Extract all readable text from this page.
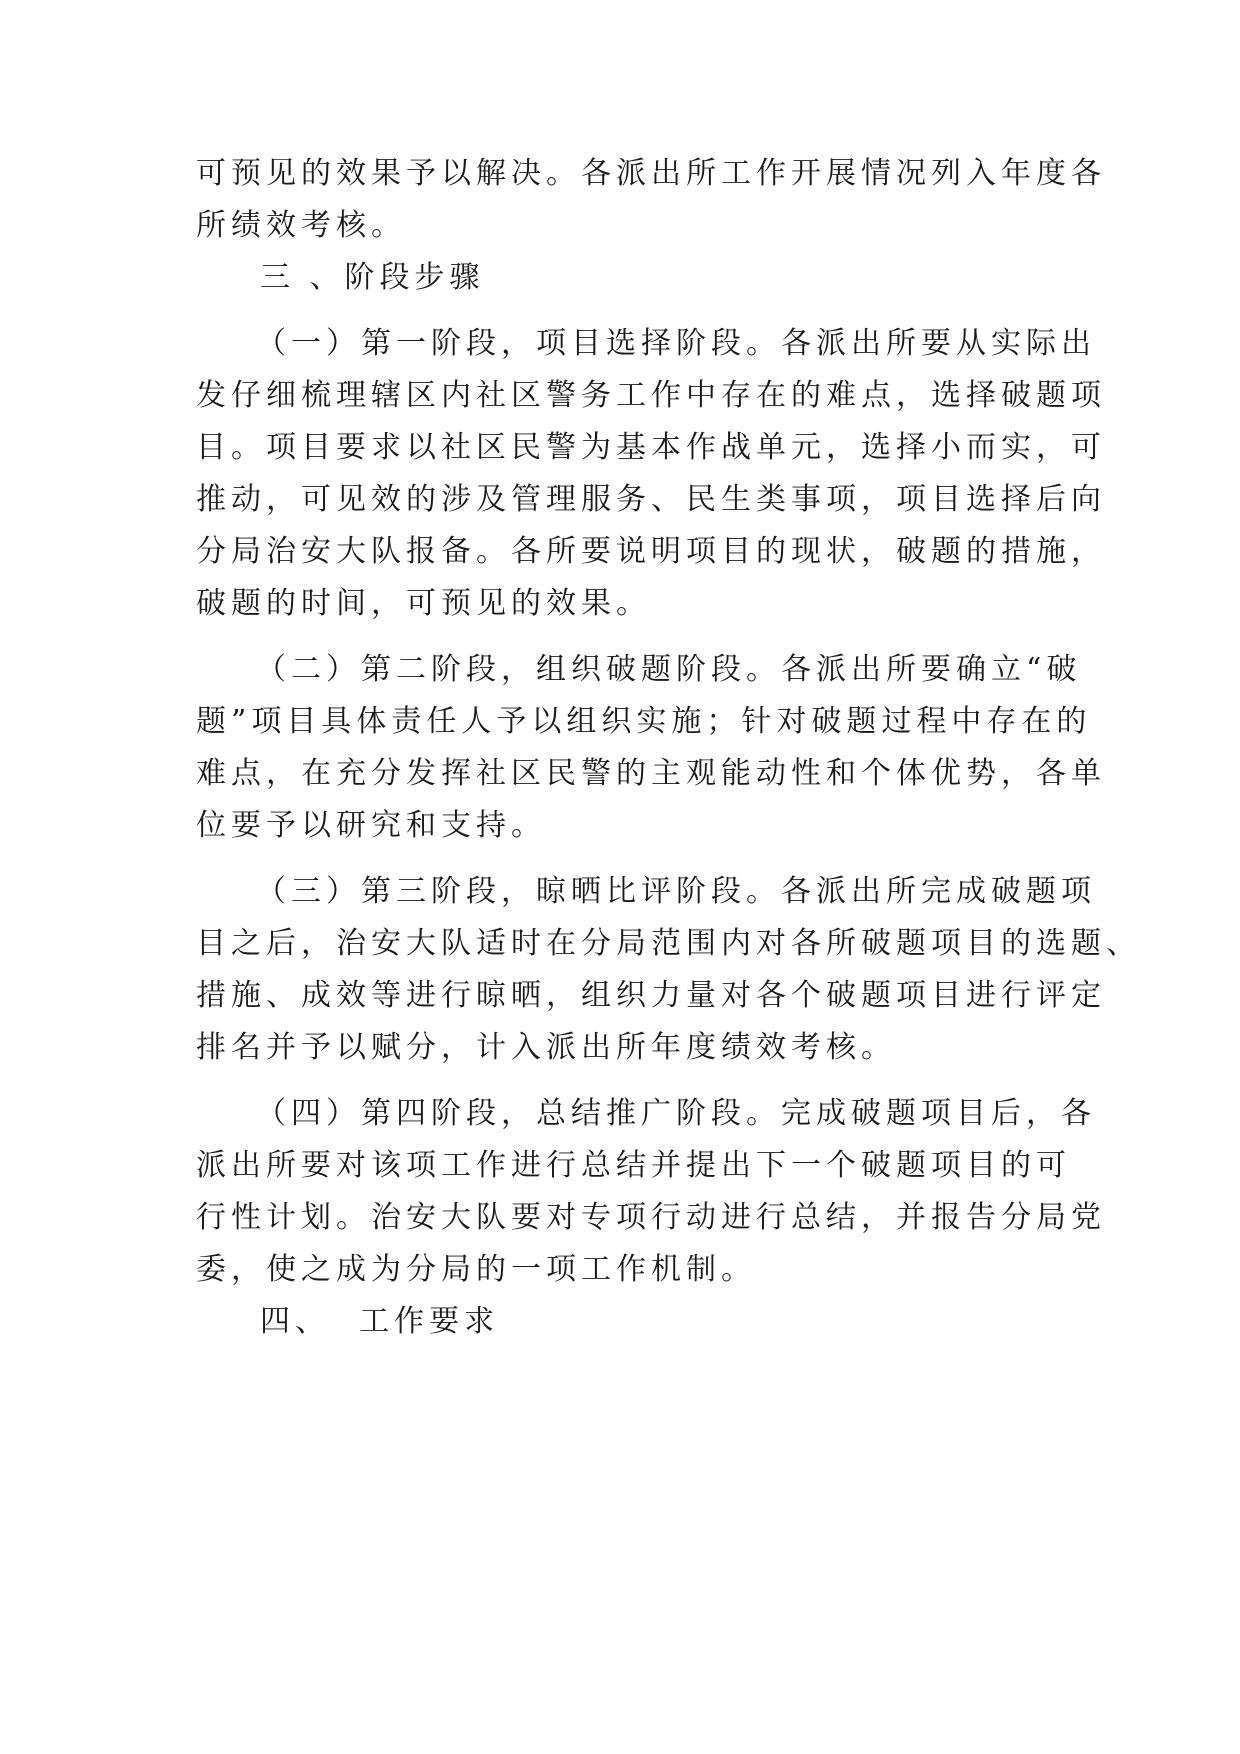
可预见的效果予以解决。各派出所工作开展情况列入年度各
所绩效考核。

三 、阶段步骤

（一）第一阶段，项目选择阶段。各派出所要从实际出
发仔细梳理辖区内社区警务工作中存在的难点，选择破题项
目。项目要求以社区民警为基本作战单元，选择小而实，可
推动，可见效的涉及管理服务、民生类事项，项目选择后向
分局治安大队报备。各所要说明项目的现状，破题的措施，
破题的时间，可预见的效果。

（二）第二阶段，组织破题阶段。各派出所要确立“破
题”项目具体责任人予以组织实施；针对破题过程中存在的
难点，在充分发挥社区民警的主观能动性和个体优势，各单
位要予以研究和支持。

（三）第三阶段，晾晒比评阶段。各派出所完成破题项
目之后，治安大队适时在分局范围内对各所破题项目的选题、
措施、成效等进行晾晒，组织力量对各个破题项目进行评定
排名并予以赋分，计入派出所年度绩效考核。

（四）第四阶段，总结推广阶段。完成破题项目后，各
派出所要对该项工作进行总结并提出下一个破题项目的可
行性计划。治安大队要对专项行动进行总结，并报告分局党
委，使之成为分局的一项工作机制。

四、  工作要求
